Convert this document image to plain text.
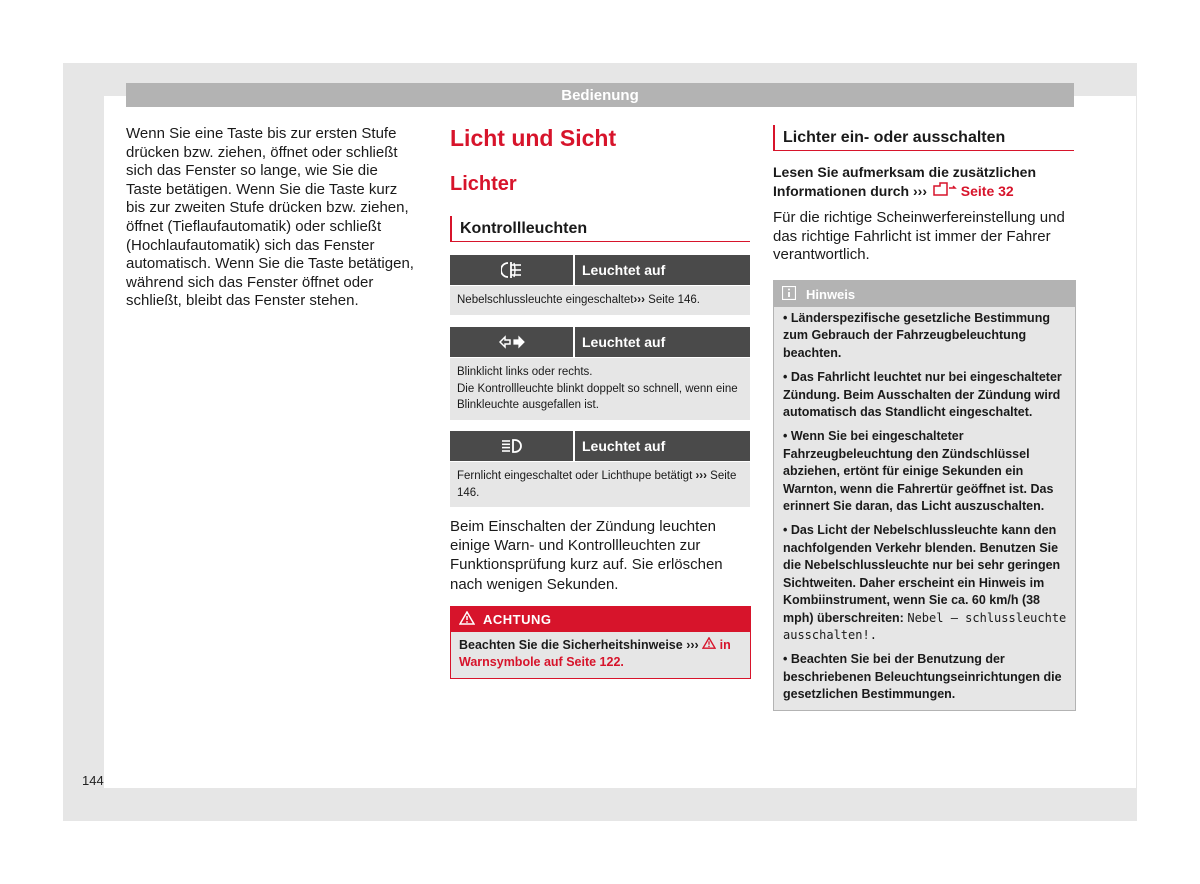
Bedienung

Wenn Sie eine Taste bis zur ersten Stufe drücken bzw. ziehen, öffnet oder schließt sich das Fenster so lange, wie Sie die Taste betätigen. Wenn Sie die Taste kurz bis zur zweiten Stufe drücken bzw. ziehen, öffnet (Tieflaufautomatik) oder schließt (Hochlaufautomatik) sich das Fenster automatisch. Wenn Sie die Taste betätigen, während sich das Fenster öffnet oder schließt, bleibt das Fenster stehen.

Licht und Sicht
Lichter
Kontrollleuchten
Leuchtet auf
Nebelschlussleuchte eingeschaltet››› Seite 146.
Leuchtet auf
Blinklicht links oder rechts.
Die Kontrollleuchte blinkt doppelt so schnell, wenn eine Blinkleuchte ausgefallen ist.
Leuchtet auf
Fernlicht eingeschaltet oder Lichthupe betätigt ››› Seite 146.

Beim Einschalten der Zündung leuchten einige Warn- und Kontrollleuchten zur Funktionsprüfung kurz auf. Sie erlöschen nach wenigen Sekunden.

ACHTUNG
Beachten Sie die Sicherheitshinweise ››› in Warnsymbole auf Seite 122.
Lichter ein- oder ausschalten
Lesen Sie aufmerksam die zusätzlichen Informationen durch ››› Seite 32

Für die richtige Scheinwerfereinstellung und das richtige Fahrlicht ist immer der Fahrer verantwortlich.

Hinweis

• Länderspezifische gesetzliche Bestimmung zum Gebrauch der Fahrzeugbeleuchtung beachten.

• Das Fahrlicht leuchtet nur bei eingeschalteter Zündung. Beim Ausschalten der Zündung wird automatisch das Standlicht eingeschaltet.

• Wenn Sie bei eingeschalteter Fahrzeugbeleuchtung den Zündschlüssel abziehen, ertönt für einige Sekunden ein Warnton, wenn die Fahrertür geöffnet ist. Das erinnert Sie daran, das Licht auszuschalten.

• Das Licht der Nebelschlussleuchte kann den nachfolgenden Verkehr blenden. Benutzen Sie die Nebelschlussleuchte nur bei sehr geringen Sichtweiten. Daher erscheint ein Hinweis im Kombiinstrument, wenn Sie ca. 60 km/h (38 mph) überschreiten: Nebel – schlussleuchte ausschalten!.

• Beachten Sie bei der Benutzung der beschriebenen Beleuchtungseinrichtungen die gesetzlichen Bestimmungen.

144
